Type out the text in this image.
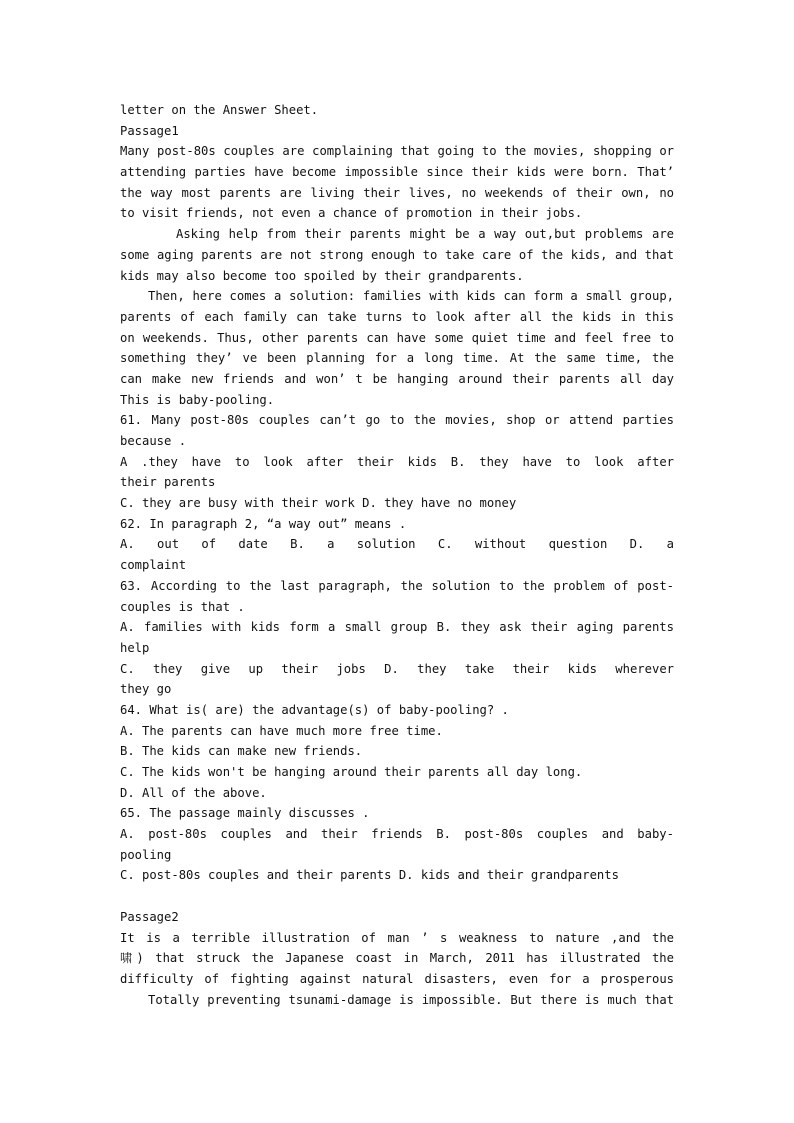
letter on the Answer Sheet.
Passage1
Many post-80s couples are complaining that going to the movies, shopping or
attending parties have become impossible since their kids were born. That’
the way most parents are living their lives, no weekends of their own, no
to visit friends, not even a chance of promotion in their jobs.
Asking help from their parents might be a way out,but problems are
some aging parents are not strong enough to take care of the kids, and that
kids may also become too spoiled by their grandparents.
Then, here comes a solution: families with kids can form a small group,
parents of each family can take turns to look after all the kids in this
on weekends. Thus, other parents can have some quiet time and feel free to
something they’ ve been planning for a long time. At the same time, the
can make new friends and won’ t be hanging around their parents all day
This is baby-pooling.
61. Many post-80s couples can’t go to the movies, shop or attend parties
because .
A .they have to look after their kids B. they have to look after
their parents
C. they are busy with their work D. they have no money
62. In paragraph 2, “a way out” means .
A. out of date B. a solution C. without question D. a
complaint
63. According to the last paragraph, the solution to the problem of post-
couples is that .
A. families with kids form a small group B. they ask their aging parents
help
C. they give up their jobs D. they take their kids wherever
they go
64. What is( are) the advantage(s) of baby-pooling? .
A. The parents can have much more free time.
B. The kids can make new friends.
C. The kids won't be hanging around their parents all day long.
D. All of the above.
65. The passage mainly discusses .
A. post-80s couples and their friends B. post-80s couples and baby-
pooling
C. post-80s couples and their parents D. kids and their grandparents
Passage2
It is a terrible illustration of man ’ s weakness to nature ,and the
啸) that struck the Japanese coast in March, 2011 has illustrated the
difficulty of fighting against natural disasters, even for a prosperous
Totally preventing tsunami-damage is impossible. But there is much that
